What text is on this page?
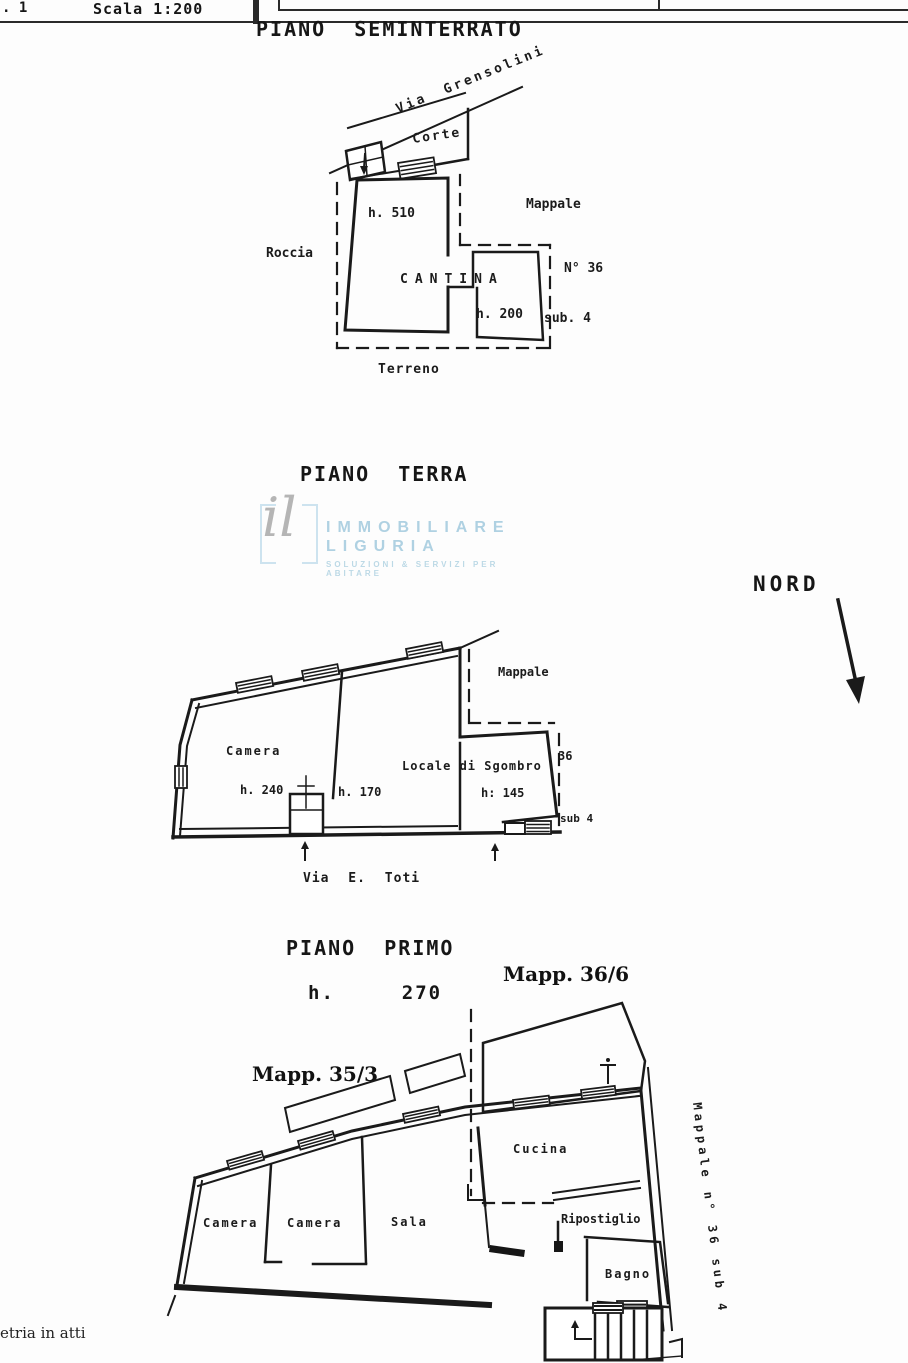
. 1	Scala 1:200
PIANO SEMINTERRATO
PIANO TERRA
PIANO PRIMO
h.  270
Mapp. 36/6
Mapp. 35/3
NORD
il IMMOBILIARE
LIGURIA
SOLUZIONI & SERVIZI PER ABITARE
Via Grensolini
Corte
h. 510
Roccia
Mappale
N° 36
CANTINA
h. 200 sub. 4
Terreno
Camera
h. 240	h. 170
Locale di Sgombro
h: 145
Mappale
36
sub 4
Via E. Toti
Camera Camera	Sala
Cucina
Ripostiglio
Bagno	Mappale n° 36 sub 4
etria in atti
